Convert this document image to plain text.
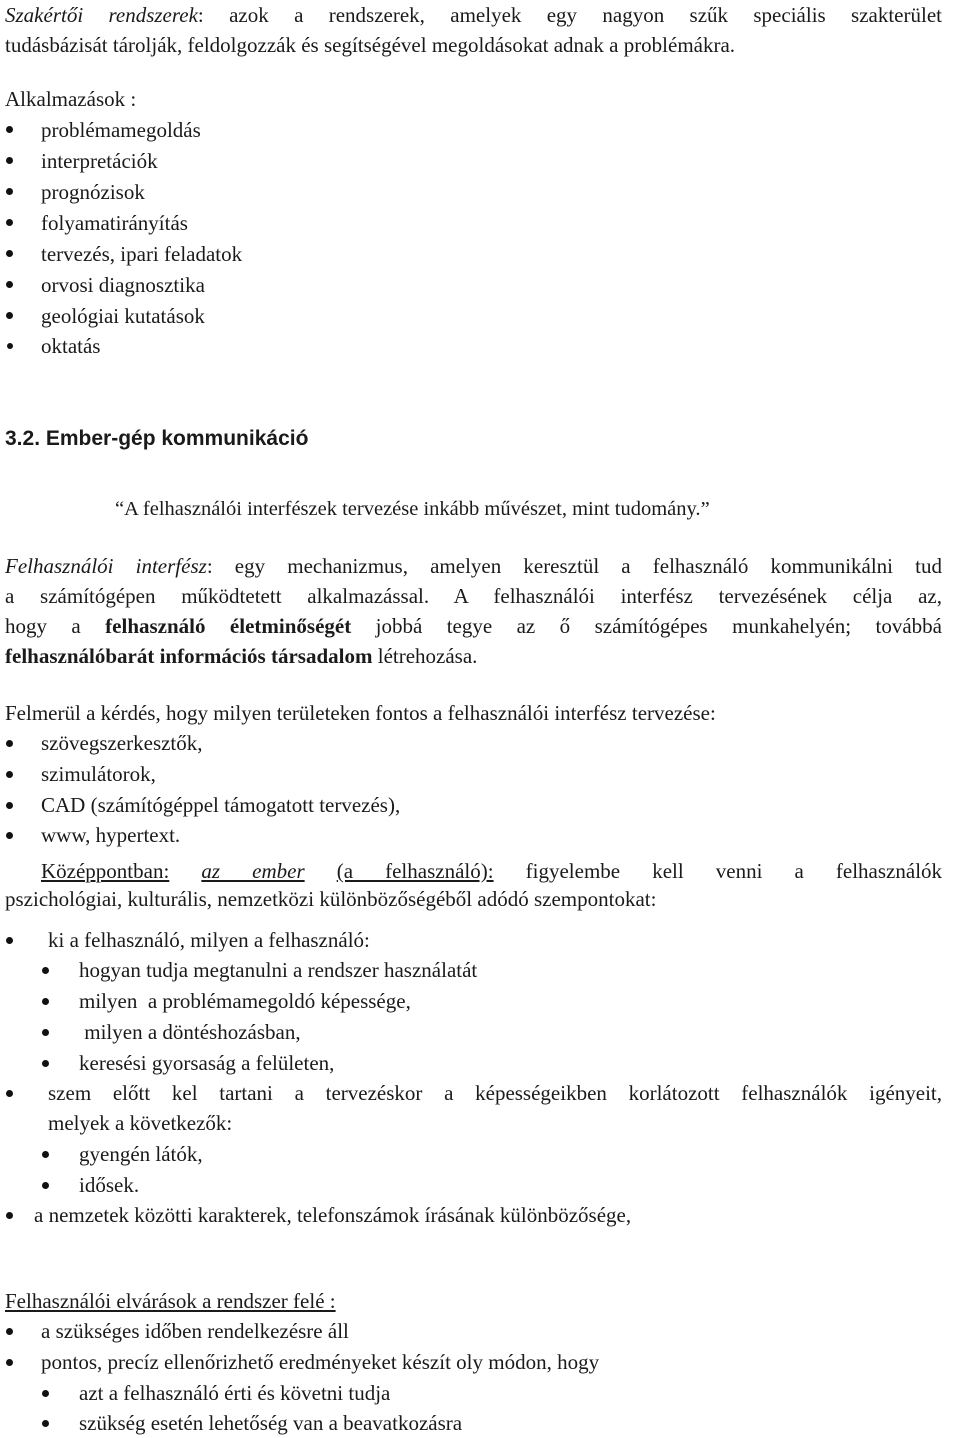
Szakértői rendszerek: azok a rendszerek, amelyek egy nagyon szűk speciális szakterület
tudásbázisát tárolják, feldolgozzák és segítségével megoldásokat adnak a problémákra.
Alkalmazások :
problémamegoldás
interpretációk
prognózisok
folyamatirányítás
tervezés, ipari feladatok
orvosi diagnosztika
geológiai kutatások
oktatás
3.2. Ember-gép kommunikáció
“A felhasználói interfészek tervezése inkább művészet, mint tudomány.”
Felhasználói interfész: egy mechanizmus, amelyen keresztül a felhasználó kommunikálni tud
a számítógépen működtetett alkalmazással. A felhasználói interfész tervezésének célja az,
hogy a felhasználó életminőségét jobbá tegye az ő számítógépes munkahelyén; továbbá
felhasználóbarát információs társadalom létrehozása.
Felmerül a kérdés, hogy milyen területeken fontos a felhasználói interfész tervezése:
szövegszerkesztők,
szimulátorok,
CAD (számítógéppel támogatott tervezés),
www, hypertext.
Középpontban: az ember (a felhasználó): figyelembe kell venni a felhasználók
pszichológiai, kulturális, nemzetközi különbözőségéből adódó szempontokat:
ki a felhasználó, milyen a felhasználó:
hogyan tudja megtanulni a rendszer használatát
milyen  a problémamegoldó képessége,
milyen a döntéshozásban,
keresési gyorsaság a felületen,
szem előtt kel tartani a tervezéskor a képességeikben korlátozott felhasználók igényeit,
melyek a következők:
gyengén látók,
idősek.
a nemzetek közötti karakterek, telefonszámok írásának különbözősége,
Felhasználói elvárások a rendszer felé :
a szükséges időben rendelkezésre áll
pontos, precíz ellenőrizhető eredményeket készít oly módon, hogy
azt a felhasználó érti és követni tudja
szükség esetén lehetőség van a beavatkozásra
